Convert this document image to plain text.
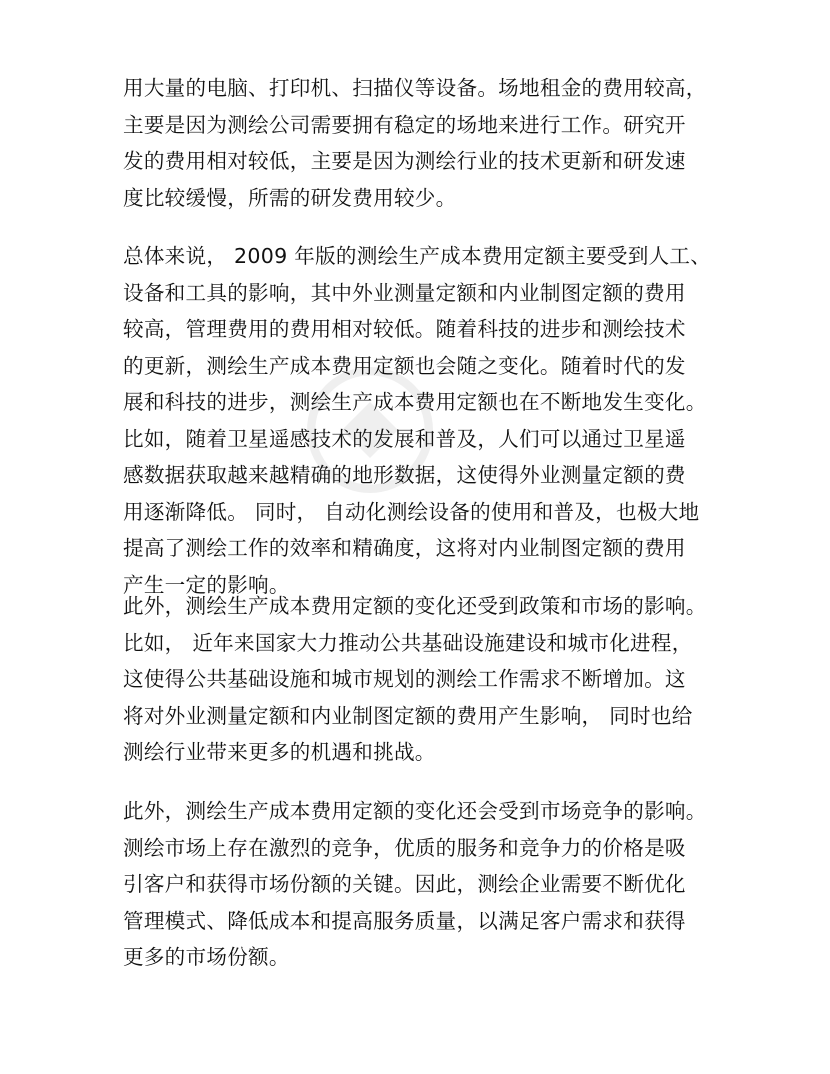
用大量的电脑、打印机、扫描仪等设备。场地租金的费用较高，
主要是因为测绘公司需要拥有稳定的场地来进行工作。研究开
发的费用相对较低，主要是因为测绘行业的技术更新和研发速
度比较缓慢，所需的研发费用较少。
总体来说， 2009 年版的测绘生产成本费用定额主要受到人工、
设备和工具的影响，其中外业测量定额和内业制图定额的费用
较高，管理费用的费用相对较低。随着科技的进步和测绘技术
的更新，测绘生产成本费用定额也会随之变化。随着时代的发
展和科技的进步，测绘生产成本费用定额也在不断地发生变化。
比如，随着卫星遥感技术的发展和普及，人们可以通过卫星遥
感数据获取越来越精确的地形数据，这使得外业测量定额的费
用逐渐降低。 同时， 自动化测绘设备的使用和普及，也极大地
提高了测绘工作的效率和精确度，这将对内业制图定额的费用
产生一定的影响。
此外，测绘生产成本费用定额的变化还受到政策和市场的影响。
比如， 近年来国家大力推动公共基础设施建设和城市化进程，
这使得公共基础设施和城市规划的测绘工作需求不断增加。这
将对外业测量定额和内业制图定额的费用产生影响， 同时也给
测绘行业带来更多的机遇和挑战。
此外，测绘生产成本费用定额的变化还会受到市场竞争的影响。
测绘市场上存在激烈的竞争，优质的服务和竞争力的价格是吸
引客户和获得市场份额的关键。因此，测绘企业需要不断优化
管理模式、降低成本和提高服务质量，以满足客户需求和获得
更多的市场份额。
